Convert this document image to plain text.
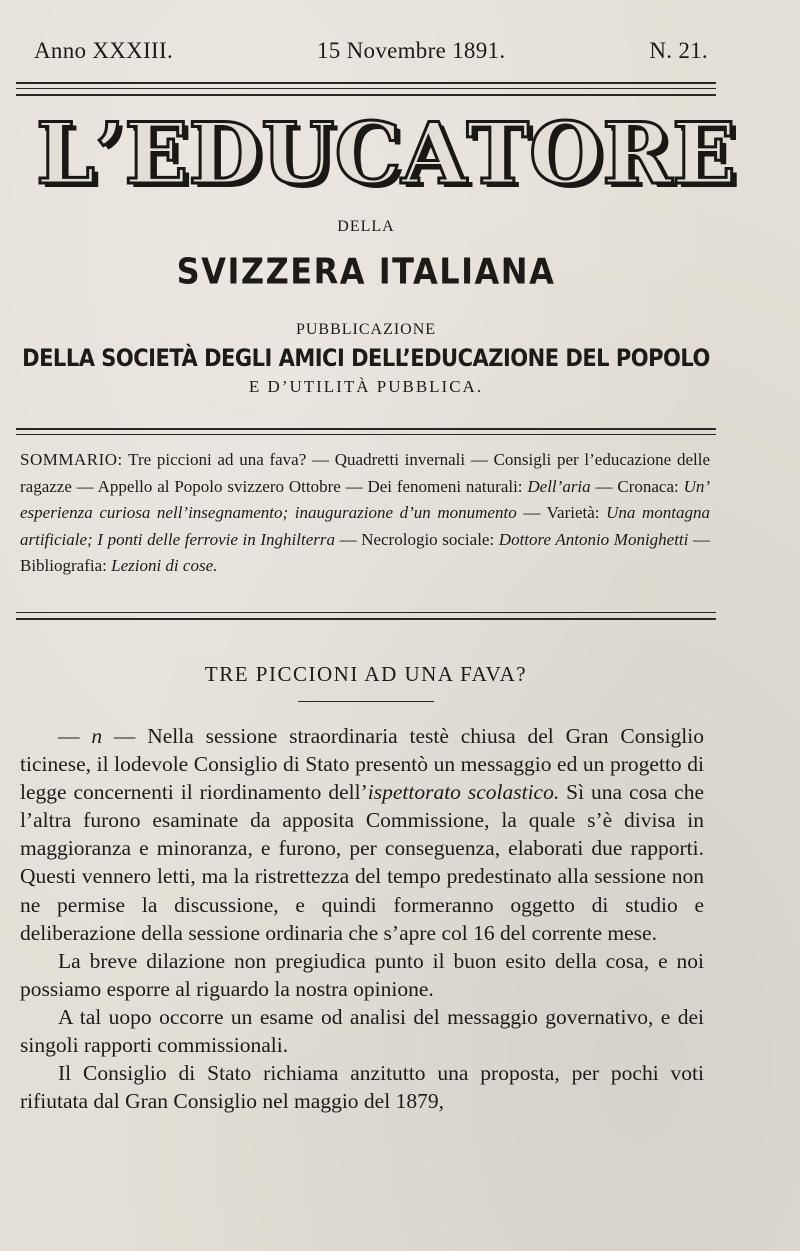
Anno XXXIII.	15 Novembre 1891.	N. 21.
L ’ E D U C A T O R E
DELLA
SVIZZERA ITALIANA
PUBBLICAZIONE
DELLA SOCIETÀ DEGLI AMICI DELL’EDUCAZIONE DEL POPOLO
E D’UTILITÀ PUBBLICA.
SOMMARIO: Tre piccioni ad una fava? — Quadretti invernali — Consigli per l’educazione delle ragazze — Appello al Popolo svizzero Ottobre — Dei fenomeni naturali: Dell’aria — Cronaca: Un’ esperienza curiosa nell’insegnamento; inaugurazione d’un monumento — Varietà: Una montagna artificiale; I ponti delle ferrovie in Inghilterra — Necrologio sociale: Dottore Antonio Monighetti — Bibliografia: Lezioni di cose.
TRE PICCIONI AD UNA FAVA?

— n — Nella sessione straordinaria testè chiusa del Gran Consiglio ticinese, il lodevole Consiglio di Stato presentò un messaggio ed un progetto di legge concernenti il riordinamento dell’ispettorato scolastico. Sì una cosa che l’altra furono esaminate da apposita Commissione, la quale s’è divisa in maggioranza e minoranza, e furono, per conseguenza, elaborati due rapporti. Questi vennero letti, ma la ristrettezza del tempo predestinato alla sessione non ne permise la discussione, e quindi formeranno oggetto di studio e deliberazione della sessione ordinaria che s’apre col 16 del corrente mese.

La breve dilazione non pregiudica punto il buon esito della cosa, e noi possiamo esporre al riguardo la nostra opinione.

A tal uopo occorre un esame od analisi del messaggio governativo, e dei singoli rapporti commissionali.

Il Consiglio di Stato richiama anzitutto una proposta, per pochi voti rifiutata dal Gran Consiglio nel maggio del 1879,
